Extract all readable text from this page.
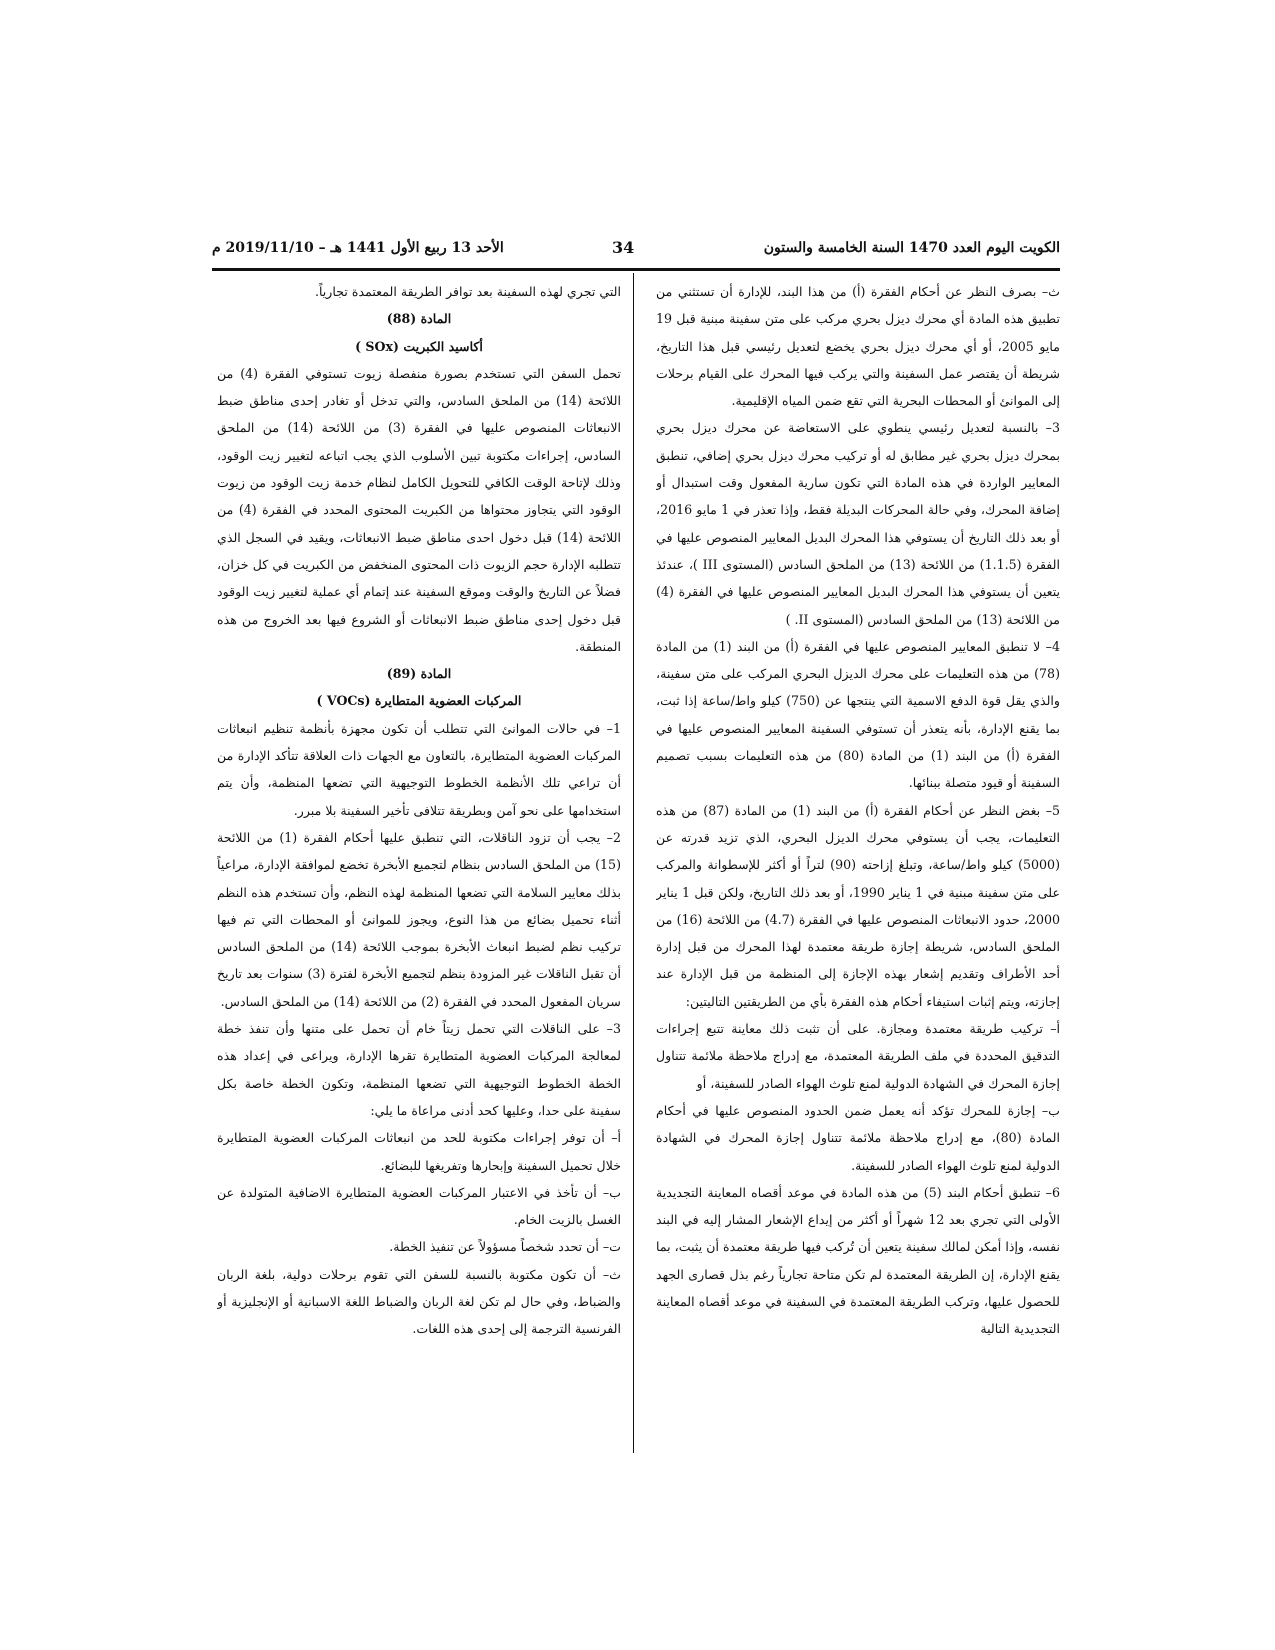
الكويت اليوم العدد 1470 السنة الخامسة والستون
34
الأحد 13 ربيع الأول 1441 هـ – 2019/11/10 م

ث– بصرف النظر عن أحكام الفقرة (أ) من هذا البند، للإدارة أن تستثني من تطبيق هذه المادة أي محرك ديزل بحري مركب على متن سفينة مبنية قبل 19 مايو 2005، أو أي محرك ديزل بحري يخضع لتعديل رئيسي قبل هذا التاريخ، شريطة أن يقتصر عمل السفينة والتي يركب فيها المحرك على القيام برحلات إلى الموانئ أو المحطات البحرية التي تقع ضمن المياه الإقليمية.

3– بالنسبة لتعديل رئيسي ينطوي على الاستعاضة عن محرك ديزل بحري بمحرك ديزل بحري غير مطابق له أو تركيب محرك ديزل بحري إضافي، تنطبق المعايير الواردة في هذه المادة التي تكون سارية المفعول وقت استبدال أو إضافة المحرك، وفي حالة المحركات البديلة فقط، وإذا تعذر في 1 مايو 2016، أو بعد ذلك التاريخ أن يستوفي هذا المحرك البديل المعايير المنصوص عليها في الفقرة (1.1.5) من اللائحة (13) من الملحق السادس (المستوى III )، عندئذ يتعين أن يستوفي هذا المحرك البديل المعايير المنصوص عليها في الفقرة (4) من اللائحة (13) من الملحق السادس (المستوى II. )

4– لا تنطبق المعايير المنصوص عليها في الفقرة (أ) من البند (1) من المادة (78) من هذه التعليمات على محرك الديزل البحري المركب على متن سفينة، والذي يقل قوة الدفع الاسمية التي ينتجها عن (750) كيلو واط/ساعة إذا ثبت، بما يقنع الإدارة، بأنه يتعذر أن تستوفي السفينة المعايير المنصوص عليها في الفقرة (أ) من البند (1) من المادة (80) من هذه التعليمات بسبب تصميم السفينة أو قيود متصلة ببنائها.

5– بغض النظر عن أحكام الفقرة (أ) من البند (1) من المادة (87) من هذه التعليمات، يجب أن يستوفي محرك الديزل البحري، الذي تزيد قدرته عن (5000) كيلو واط/ساعة، وتبلغ إزاحته (90) لتراً أو أكثر للإسطوانة والمركب على متن سفينة مبنية في 1 يناير 1990، أو بعد ذلك التاريخ، ولكن قبل 1 يناير 2000، حدود الانبعاثات المنصوص عليها في الفقرة (4.7) من اللائحة (16) من الملحق السادس، شريطة إجازة طريقة معتمدة لهذا المحرك من قبل إدارة أحد الأطراف وتقديم إشعار بهذه الإجازة إلى المنظمة من قبل الإدارة عند إجازته، ويتم إثبات استيفاء أحكام هذه الفقرة بأي من الطريقتين التاليتين:

أ– تركيب طريقة معتمدة ومجازة. على أن تثبت ذلك معاينة تتبع إجراءات التدقيق المحددة في ملف الطريقة المعتمدة، مع إدراج ملاحظة ملائمة تتناول إجازة المحرك في الشهادة الدولية لمنع تلوث الهواء الصادر للسفينة، أو

ب– إجازة للمحرك تؤكد أنه يعمل ضمن الحدود المنصوص عليها في أحكام المادة (80)، مع إدراج ملاحظة ملائمة تتناول إجازة المحرك في الشهادة الدولية لمنع تلوث الهواء الصادر للسفينة.

6– تنطبق أحكام البند (5) من هذه المادة في موعد أقصاه المعاينة التجديدية الأولى التي تجري بعد 12 شهراً أو أكثر من إيداع الإشعار المشار إليه في البند نفسه، وإذا أمكن لمالك سفينة يتعين أن تُركب فيها طريقة معتمدة أن يثبت، بما يقنع الإدارة، إن الطريقة المعتمدة لم تكن متاحة تجارياً رغم بذل قصارى الجهد للحصول عليها، وتركب الطريقة المعتمدة في السفينة في موعد أقصاه المعاينة التجديدية التالية

التي تجري لهذه السفينة بعد توافر الطريقة المعتمدة تجارياً.

المادة (88)

أكاسيد الكبريت (SOx )

تحمل السفن التي تستخدم بصورة منفصلة زيوت تستوفي الفقرة (4) من اللائحة (14) من الملحق السادس، والتي تدخل أو تغادر إحدى مناطق ضبط الانبعاثات المنصوص عليها في الفقرة (3) من اللائحة (14) من الملحق السادس، إجراءات مكتوبة تبين الأسلوب الذي يجب اتباعه لتغيير زيت الوقود، وذلك لإتاحة الوقت الكافي للتحويل الكامل لنظام خدمة زيت الوقود من زيوت الوقود التي يتجاوز محتواها من الكبريت المحتوى المحدد في الفقرة (4) من اللائحة (14) قبل دخول احدى مناطق ضبط الانبعاثات، ويقيد في السجل الذي تتطلبه الإدارة حجم الزيوت ذات المحتوى المنخفض من الكبريت في كل خزان، فضلاً عن التاريخ والوقت وموقع السفينة عند إتمام أي عملية لتغيير زيت الوقود قبل دخول إحدى مناطق ضبط الانبعاثات أو الشروع فيها بعد الخروج من هذه المنطقة.

المادة (89)

المركبات العضوية المتطايرة (VOCs )

1– في حالات الموانئ التي تتطلب أن تكون مجهزة بأنظمة تنظيم انبعاثات المركبات العضوية المتطايرة، بالتعاون مع الجهات ذات العلاقة تتأكد الإدارة من أن تراعي تلك الأنظمة الخطوط التوجيهية التي تضعها المنظمة، وأن يتم استخدامها على نحو آمن وبطريقة تتلافى تأخير السفينة بلا مبرر.

2– يجب أن تزود الناقلات، التي تنطبق عليها أحكام الفقرة (1) من اللائحة (15) من الملحق السادس بنظام لتجميع الأبخرة تخضع لموافقة الإدارة، مراعياً بذلك معايير السلامة التي تضعها المنظمة لهذه النظم، وأن تستخدم هذه النظم أثناء تحميل بضائع من هذا النوع، ويجوز للموانئ أو المحطات التي تم فيها تركيب نظم لضبط انبعاث الأبخرة بموجب اللائحة (14) من الملحق السادس أن تقبل الناقلات غير المزودة بنظم لتجميع الأبخرة لفترة (3) سنوات بعد تاريخ سريان المفعول المحدد في الفقرة (2) من اللائحة (14) من الملحق السادس.

3– على الناقلات التي تحمل زيتاً خام أن تحمل على متنها وأن تنفذ خطة لمعالجة المركبات العضوية المتطايرة تقرها الإدارة، ويراعى في إعداد هذه الخطة الخطوط التوجيهية التي تضعها المنظمة، وتكون الخطة خاصة بكل سفينة على حدا، وعليها كحد أدنى مراعاة ما يلي:

أ– أن توفر إجراءات مكتوبة للحد من انبعاثات المركبات العضوية المتطايرة خلال تحميل السفينة وإبحارها وتفريغها للبضائع.

ب– أن تأخذ في الاعتبار المركبات العضوية المتطايرة الاضافية المتولدة عن الغسل بالزيت الخام.

ت– أن تحدد شخصاً مسؤولاً عن تنفيذ الخطة.

ث– أن تكون مكتوبة بالنسبة للسفن التي تقوم برحلات دولية، بلغة الربان والضباط، وفي حال لم تكن لغة الربان والضباط اللغة الاسبانية أو الإنجليزية أو الفرنسية الترجمة إلى إحدى هذه اللغات.
